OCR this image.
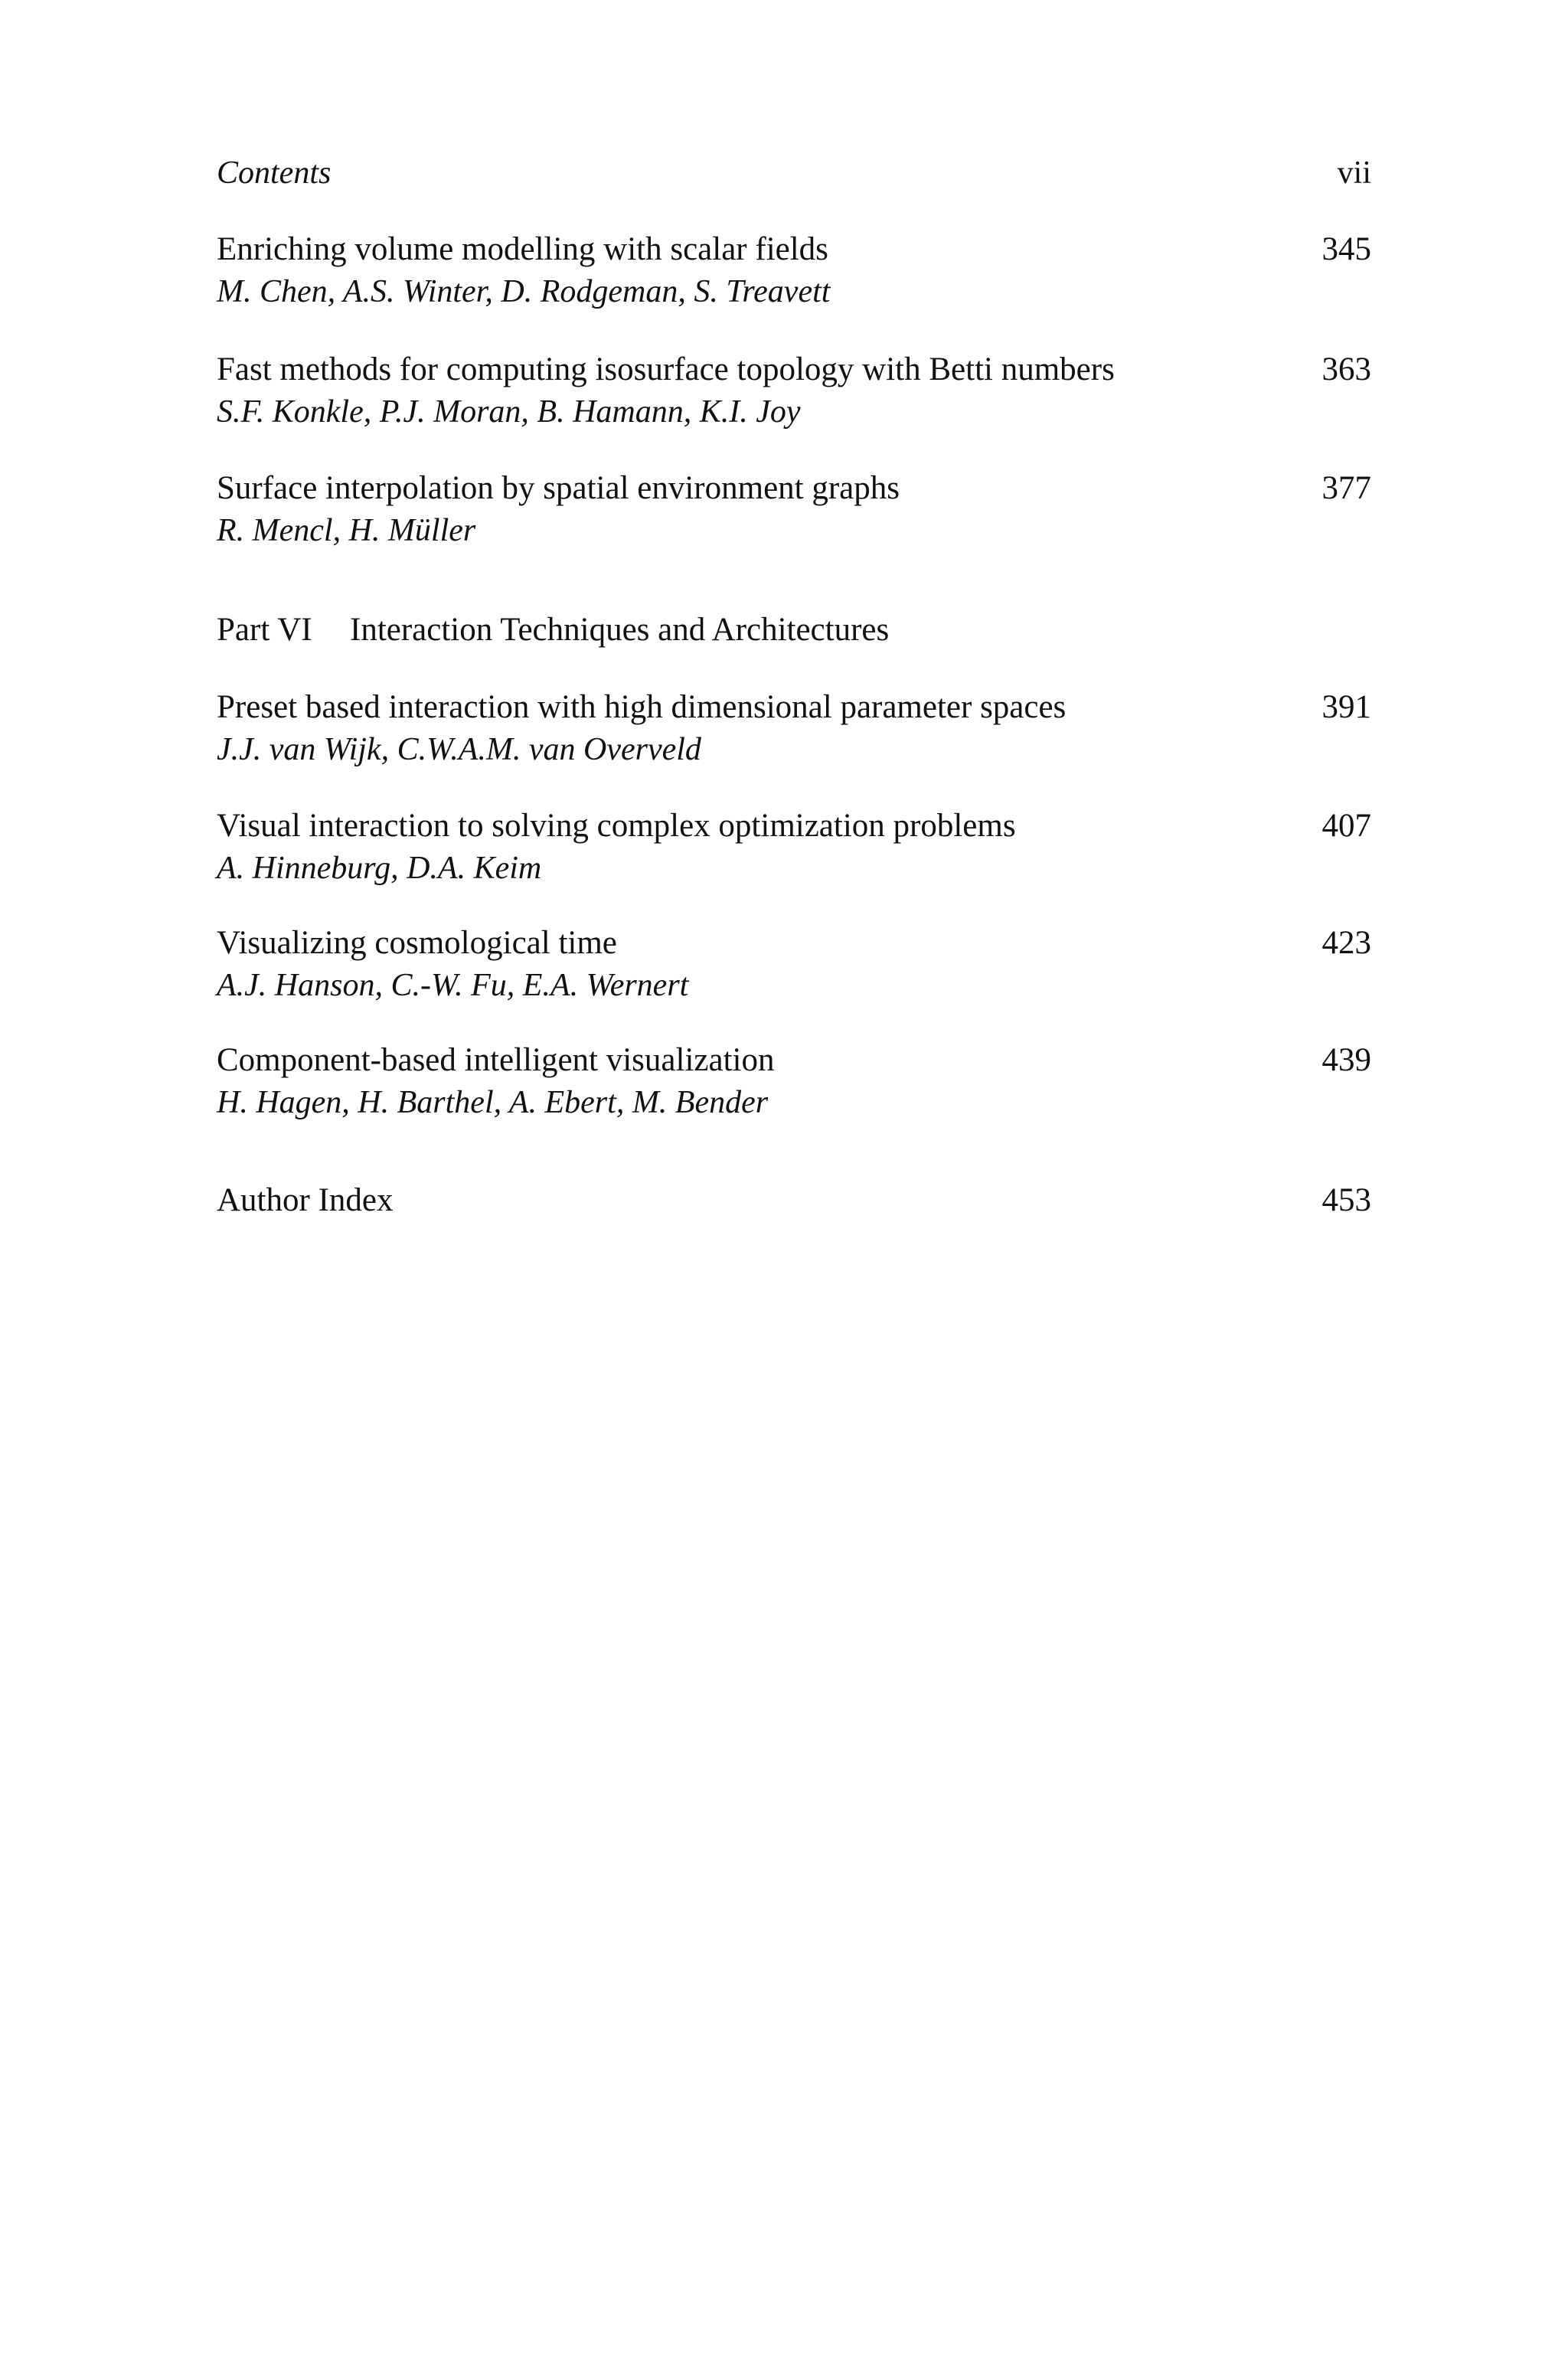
Contents	vii
Enriching volume modelling with scalar fields	345
M. Chen, A.S. Winter, D. Rodgeman, S. Treavett
Fast methods for computing isosurface topology with Betti numbers	363
S.F. Konkle, P.J. Moran, B. Hamann, K.I. Joy
Surface interpolation by spatial environment graphs	377
R. Mencl, H. Müller
Part VI Interaction Techniques and Architectures
Preset based interaction with high dimensional parameter spaces	391
J.J. van Wijk, C.W.A.M. van Overveld
Visual interaction to solving complex optimization problems	407
A. Hinneburg, D.A. Keim
Visualizing cosmological time	423
A.J. Hanson, C.-W. Fu, E.A. Wernert
Component-based intelligent visualization	439
H. Hagen, H. Barthel, A. Ebert, M. Bender
Author Index	453
